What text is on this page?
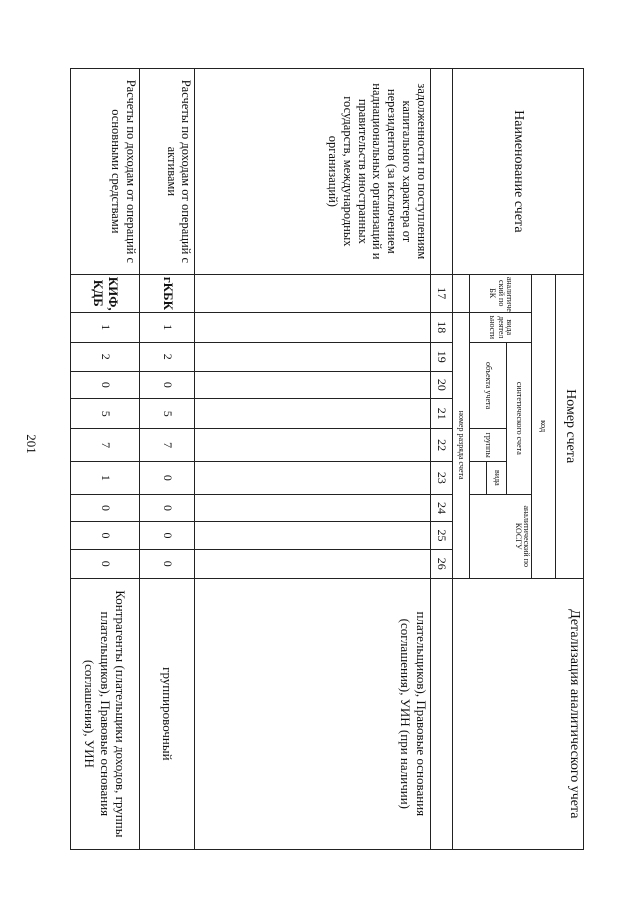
201
Наименование счета	Номер счета										Детализация аналитического учета
	код										
	аналитиче ский по БК	вида деятел ьности	синтетического счета					аналитический по КОСГУ			
			объекта учета			группы	вида				

		номер разряда счета									
	17	18	19	20	21	22	23	24	25	26	
задолженности по поступлениям капитального характера от нерезидентов (за исключением наднациональных организаций и правительств иностранных государств, международных организаций)											плательщиков), Правовые основания (соглашения), УИН (при наличии)
Расчеты по доходам от операций с активами	гКБК	1	2	0	5	7	0	0	0	0	группировочный
Расчеты по доходам от операций с основными средствами	КИФ, КДБ	1	2	0	5	7	1	0	0	0	Контрагенты (плательщики доходов, группы плательщиков), Правовые основания (соглашения), УИН
